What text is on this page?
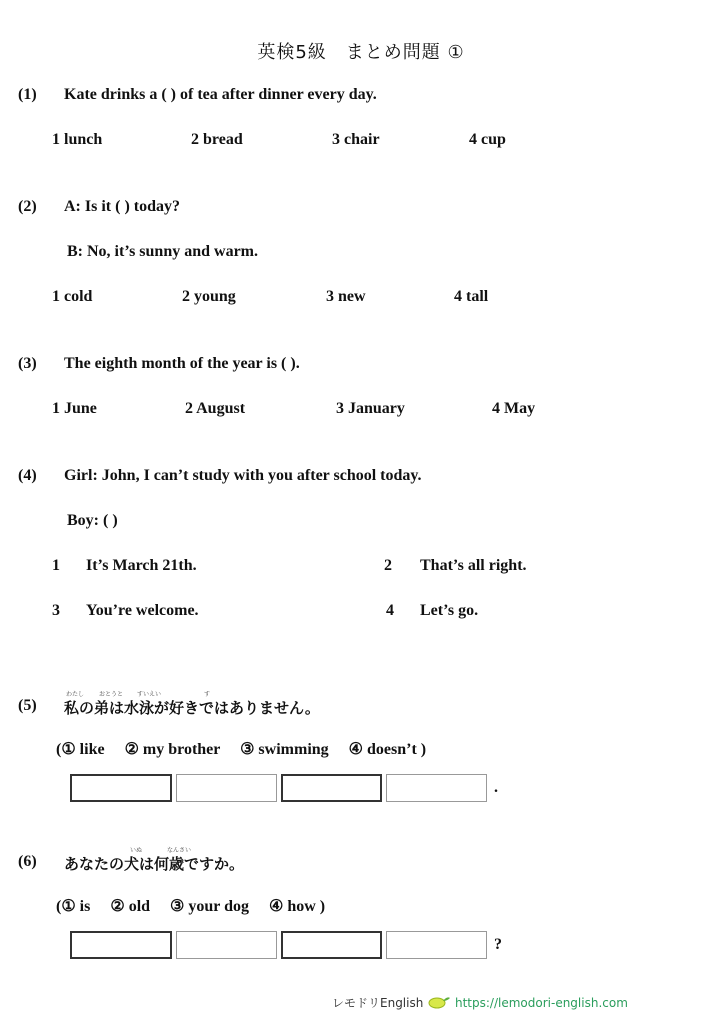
英検5級　まとめ問題 ①
(1) Kate drinks a ( ) of tea after dinner every day.
1 lunch	2 bread	3 chair	4 cup
(2) A: Is it ( ) today?
B: No, it’s sunny and warm.
1 cold	2 young	3 new	4 tall
(3) The eighth month of the year is ( ).
1 June	2 August	3 January	4 May
(4) Girl: John, I can’t study with you after school today.
Boy: ( )
1 It’s March 21th.	2 That’s all right.
3 You’re welcome.	4 Let’s go.
わたし おとうと すいえい	す
(5) 私の弟は水泳が好きではありません。
(① like　 ② my brother　 ③ swimming　 ④ doesn’t )
.
いぬ	なんさい
(6) あなたの犬は何歳ですか。
(① is　 ② old　 ③ your dog　 ④ how )
?
レモドリEnglish	https://lemodori-english.com
